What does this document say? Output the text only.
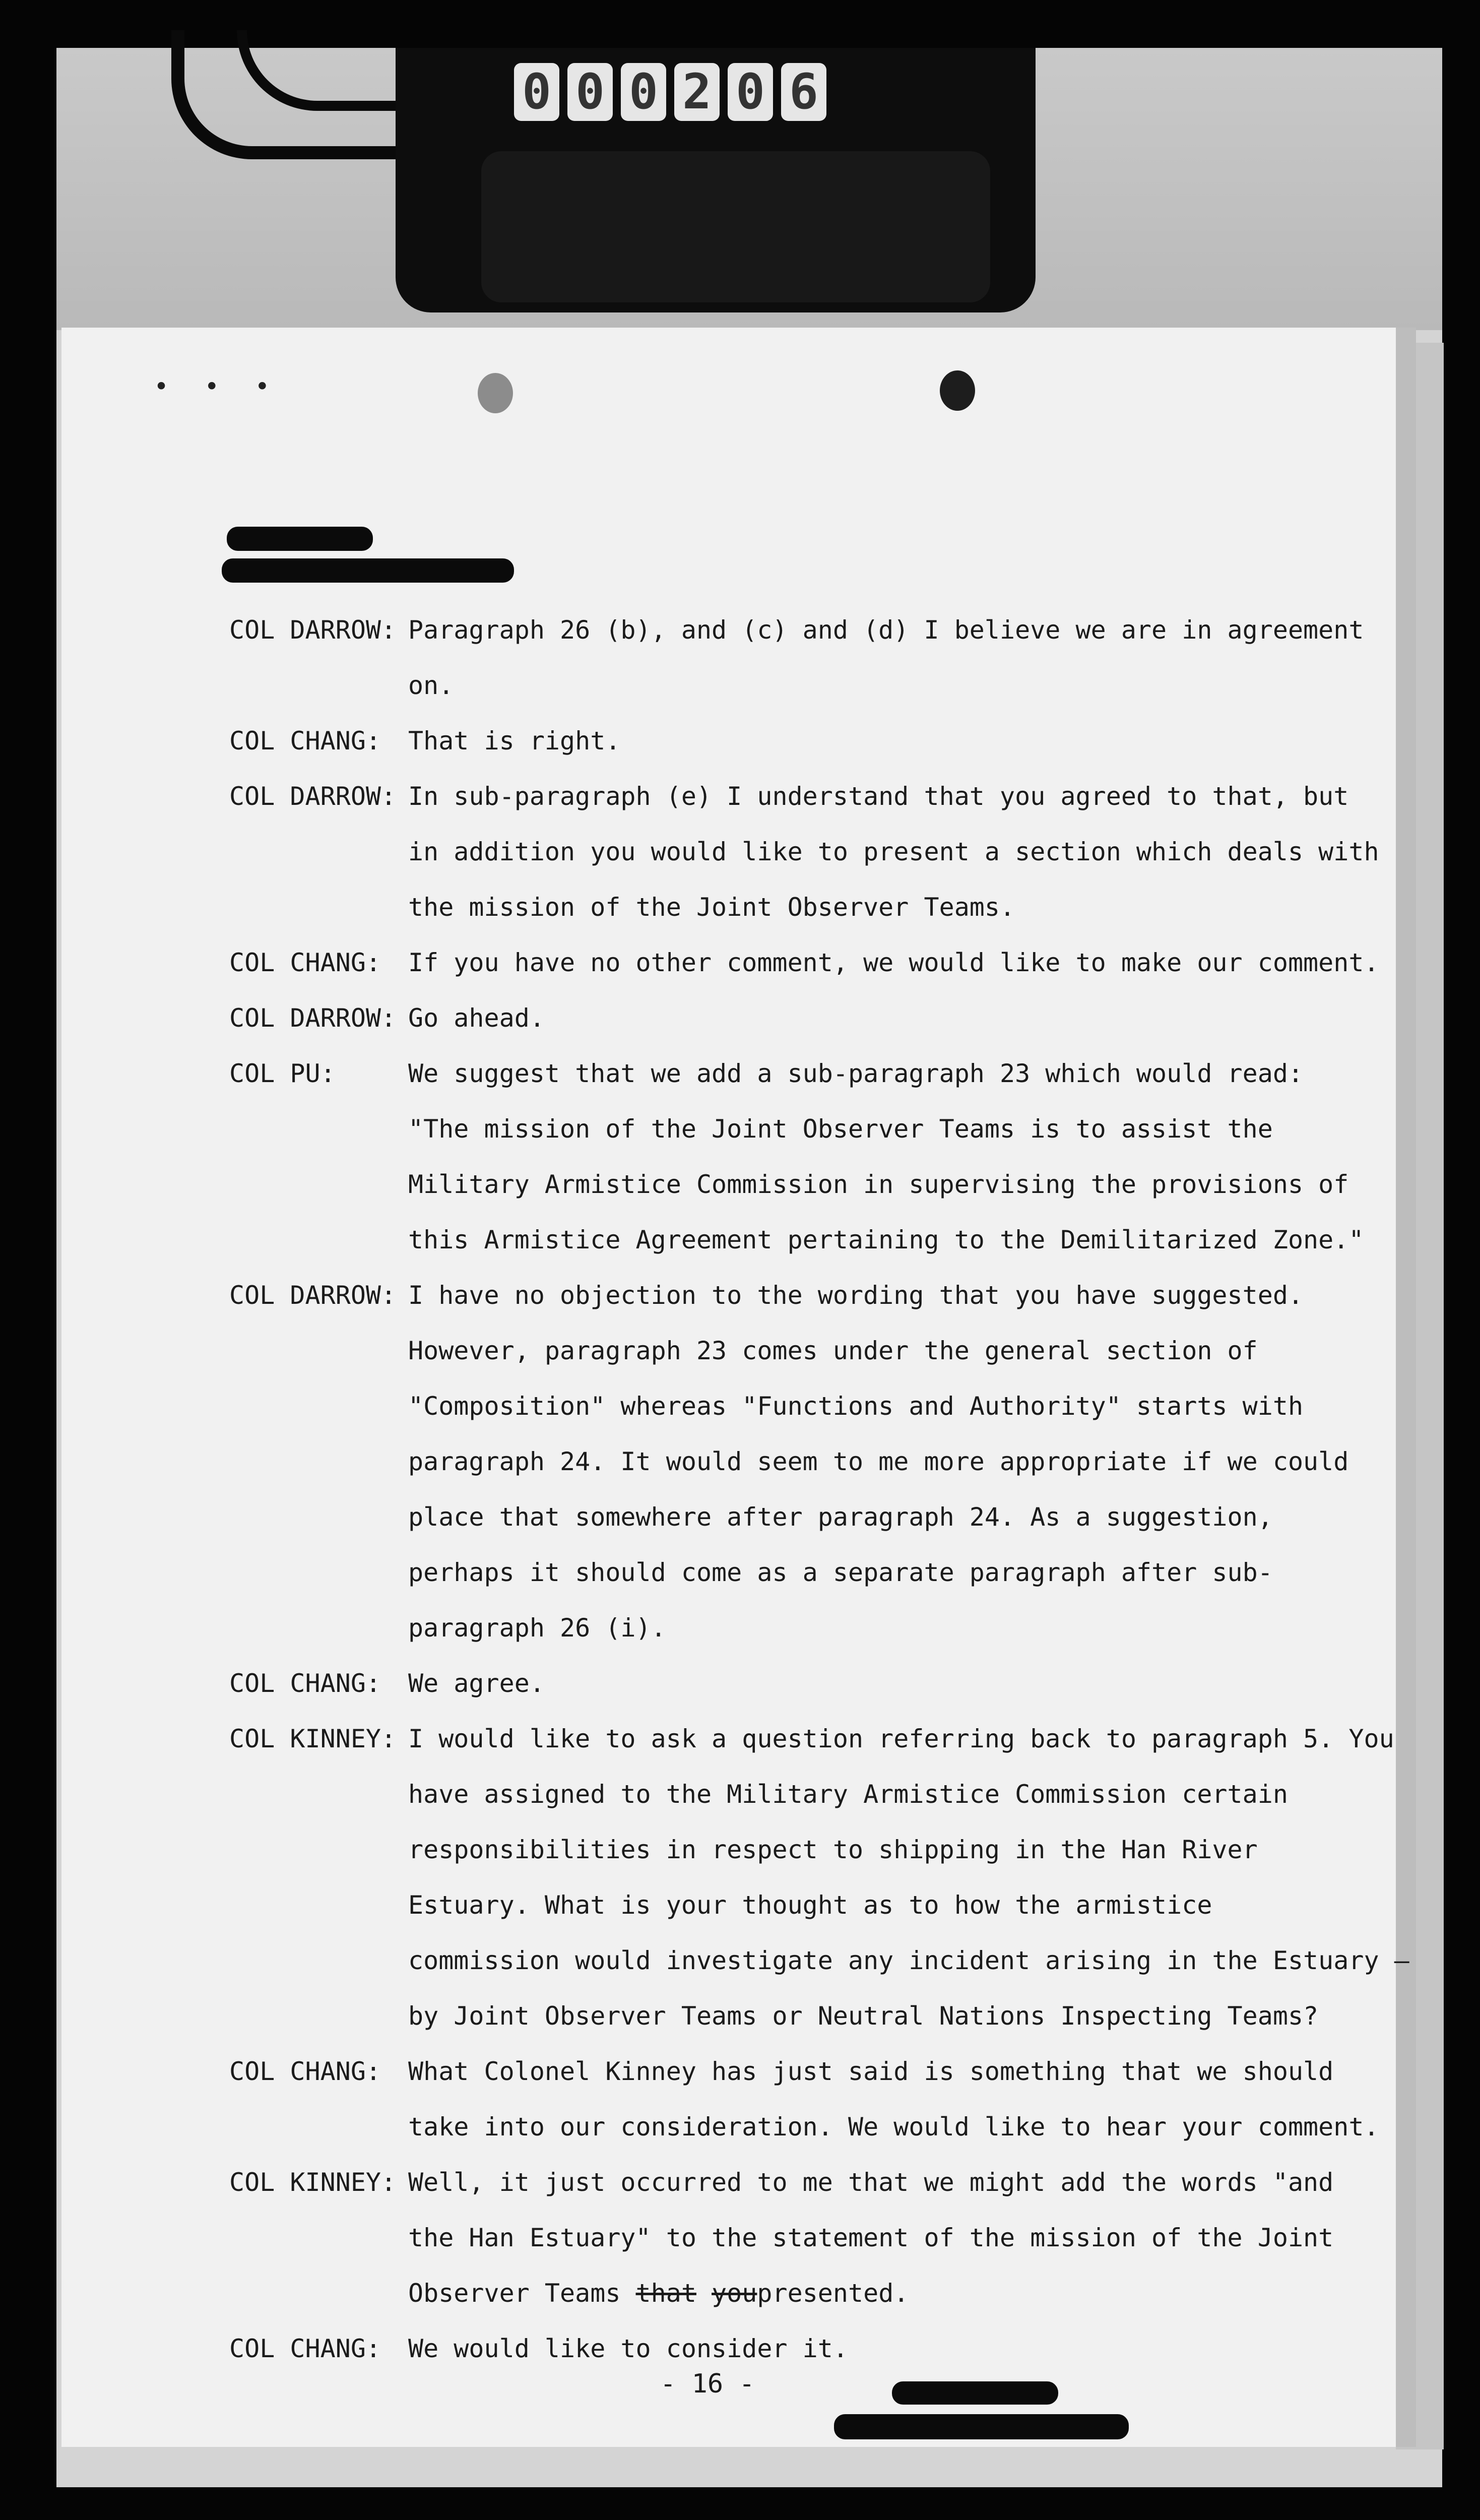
0 0 0 2 0 6
• • •
COL DARROW: Paragraph 26 (b), and (c) and (d) I believe we are in agreement
on.
COL CHANG:	That is right.
COL DARROW: In sub-paragraph (e) I understand that you agreed to that, but
in addition you would like to present a section which deals with
the mission of the Joint Observer Teams.
COL CHANG:	If you have no other comment, we would like to make our comment.
COL DARROW: Go ahead.
COL PU:	We suggest that we add a sub-paragraph 23 which would read:
"The mission of the Joint Observer Teams is to assist the
Military Armistice Commission in supervising the provisions of
this Armistice Agreement pertaining to the Demilitarized Zone."
COL DARROW: I have no objection to the wording that you have suggested.
However, paragraph 23 comes under the general section of
"Composition" whereas "Functions and Authority" starts with
paragraph 24. It would seem to me more appropriate if we could
place that somewhere after paragraph 24. As a suggestion,
perhaps it should come as a separate paragraph after sub-
paragraph 26 (i).
COL CHANG:	We agree.
COL KINNEY: I would like to ask a question referring back to paragraph 5. You
have assigned to the Military Armistice Commission certain
responsibilities in respect to shipping in the Han River
Estuary. What is your thought as to how the armistice
commission would investigate any incident arising in the Estuary —
by Joint Observer Teams or Neutral Nations Inspecting Teams?
COL CHANG:	What Colonel Kinney has just said is something that we should
take into our consideration. We would like to hear your comment.
COL KINNEY: Well, it just occurred to me that we might add the words "and
the Han Estuary" to the statement of the mission of the Joint
Observer Teams that youpresented.
COL CHANG:	We would like to consider it.
- 16 -
